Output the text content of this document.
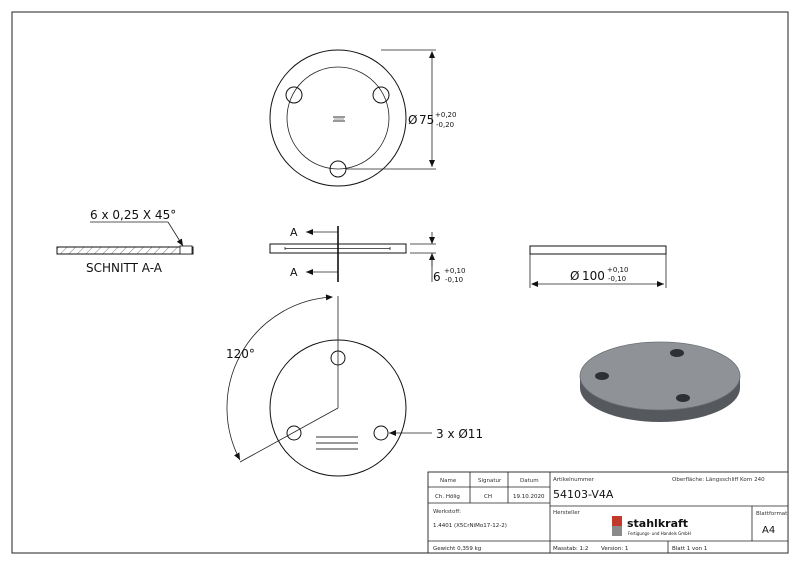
Ø 75 +0,20
-0,20
6 x 0,25 X 45°
SCHNITT A-A
A
A	6 +0,10
-0,10	Ø 100 +0,10
-0,10
120°
3 x Ø11
Name	Signatur	Datum
Ch. Hölig	CH	19.10.2020
Werkstoff:
1.4401 (X5CrNiMo17-12-2)
Gewicht 0,359 kg
Artikelnummer	Oberfläche: Längsschliff Korn 240
54103-V4A
Hersteller
stahlkraft
Fertigungs- und Handels GmbH
Blattformat
A4
Masstab: 1:2 Version: 1	Blatt 1 von 1
